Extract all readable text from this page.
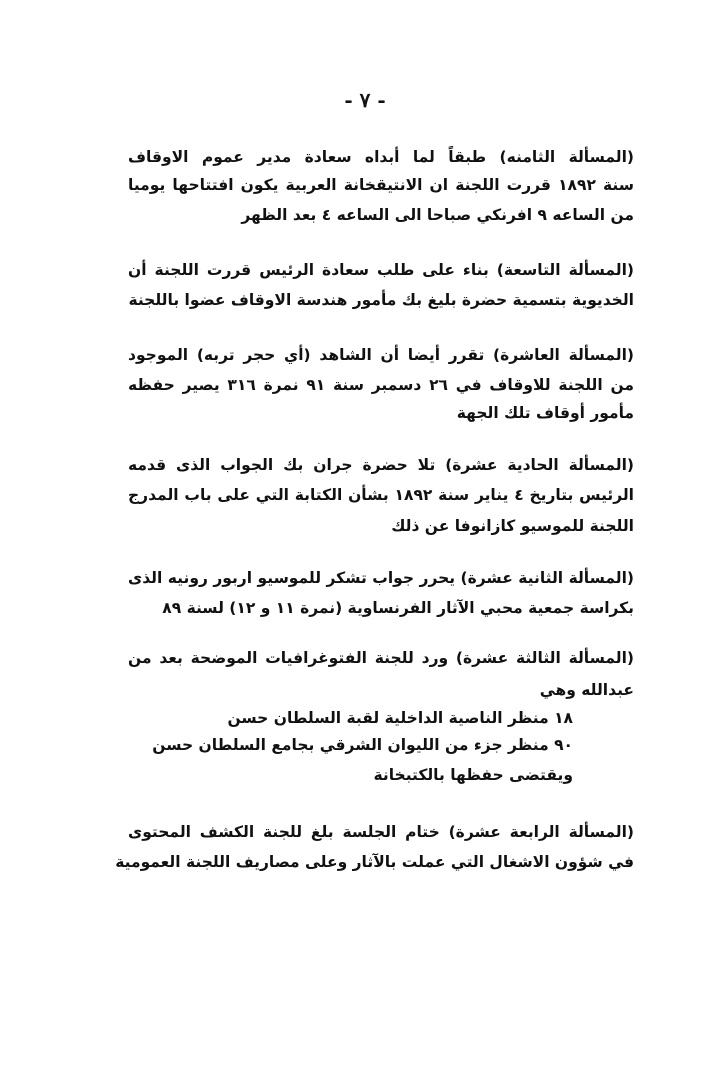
- ٧ -
(المسألة الثامنه) طبقاً لما أبداه سعادة مدير عموم الاوقاف
سنة ١٨٩٢ قررت اللجنة ان الانتيقخانة العربية يكون افتتاحها يوميا
من الساعه ٩ افرنكي صباحا الى الساعه ٤ بعد الظهر
(المسألة التاسعة) بناء على طلب سعادة الرئيس قررت اللجنة أن
الخديوية بتسمية حضرة بليغ بك مأمور هندسة الاوقاف عضوا باللجنة
(المسألة العاشرة) تقرر أيضا أن الشاهد (أي حجر تربه) الموجود
من اللجنة للاوقاف في ٢٦ دسمبر سنة ٩١ نمرة ٣١٦ يصير حفظه
مأمور أوقاف تلك الجهة
(المسألة الحادية عشرة) تلا حضرة جران بك الجواب الذى قدمه
الرئيس بتاريخ ٤ يناير سنة ١٨٩٢ بشأن الكتابة التي على باب المدرج
اللجنة للموسيو كازانوفا عن ذلك
(المسألة الثانية عشرة) يحرر جواب تشكر للموسيو اربور رونيه الذى
بكراسة جمعية محبي الآثار الفرنساوية (نمرة ١١ و ١٢) لسنة ٨٩
(المسألة الثالثة عشرة) ورد للجنة الفتوغرافيات الموضحة بعد من
عبدالله وهي
١٨ منظر الناصية الداخلية لقبة السلطان حسن
٩٠ منظر جزء من الليوان الشرقي بجامع السلطان حسن
ويقتضى حفظها بالكتبخانة
(المسألة الرابعة عشرة) ختام الجلسة بلغ للجنة الكشف المحتوى
في شؤون الاشغال التي عملت بالآثار وعلى مصاريف اللجنة العمومية
